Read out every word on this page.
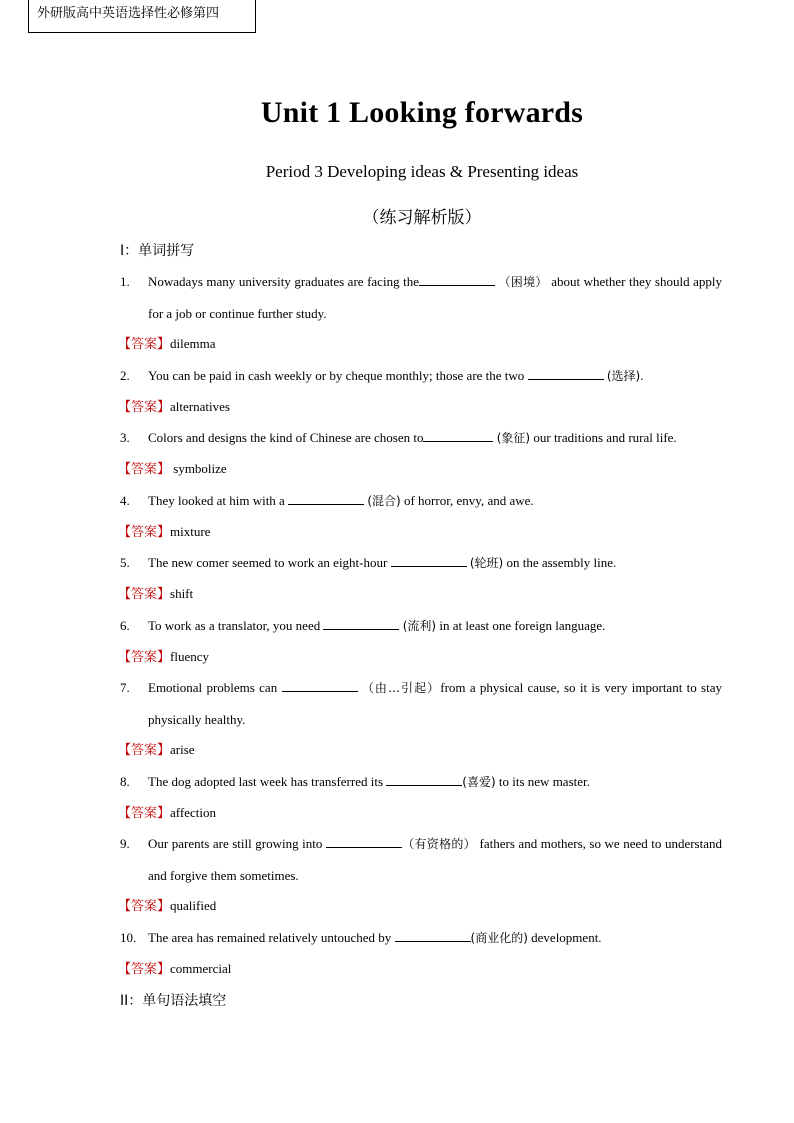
外研版高中英语选择性必修第四
Unit 1 Looking forwards
Period 3 Developing ideas & Presenting ideas
（练习解析版）
I：单词拼写
1. Nowadays many university graduates are facing the	（困境） about whether they should apply for a job or continue further study.
【答案】dilemma
2. You can be paid in cash weekly or by cheque monthly; those are the two	(选择).
【答案】alternatives
3. Colors and designs the kind of Chinese are chosen to	(象征) our traditions and rural life.
【答案】 symbolize
4. They looked at him with a	(混合) of horror, envy, and awe.
【答案】mixture
5. The new comer seemed to work an eight-hour	(轮班) on the assembly line.
【答案】shift
6. To work as a translator, you need	(流利) in at least one foreign language.
【答案】fluency
7. Emotional problems can	（由…引起）from a physical cause, so it is very important to stay physically healthy.
【答案】arise
8. The dog adopted last week has transferred its	(喜爱) to its new master.
【答案】affection
9. Our parents are still growing into	（有资格的） fathers and mothers, so we need to understand and forgive them sometimes.
【答案】qualified
10. The area has remained relatively untouched by	(商业化的) development.
【答案】commercial
II：单句语法填空
